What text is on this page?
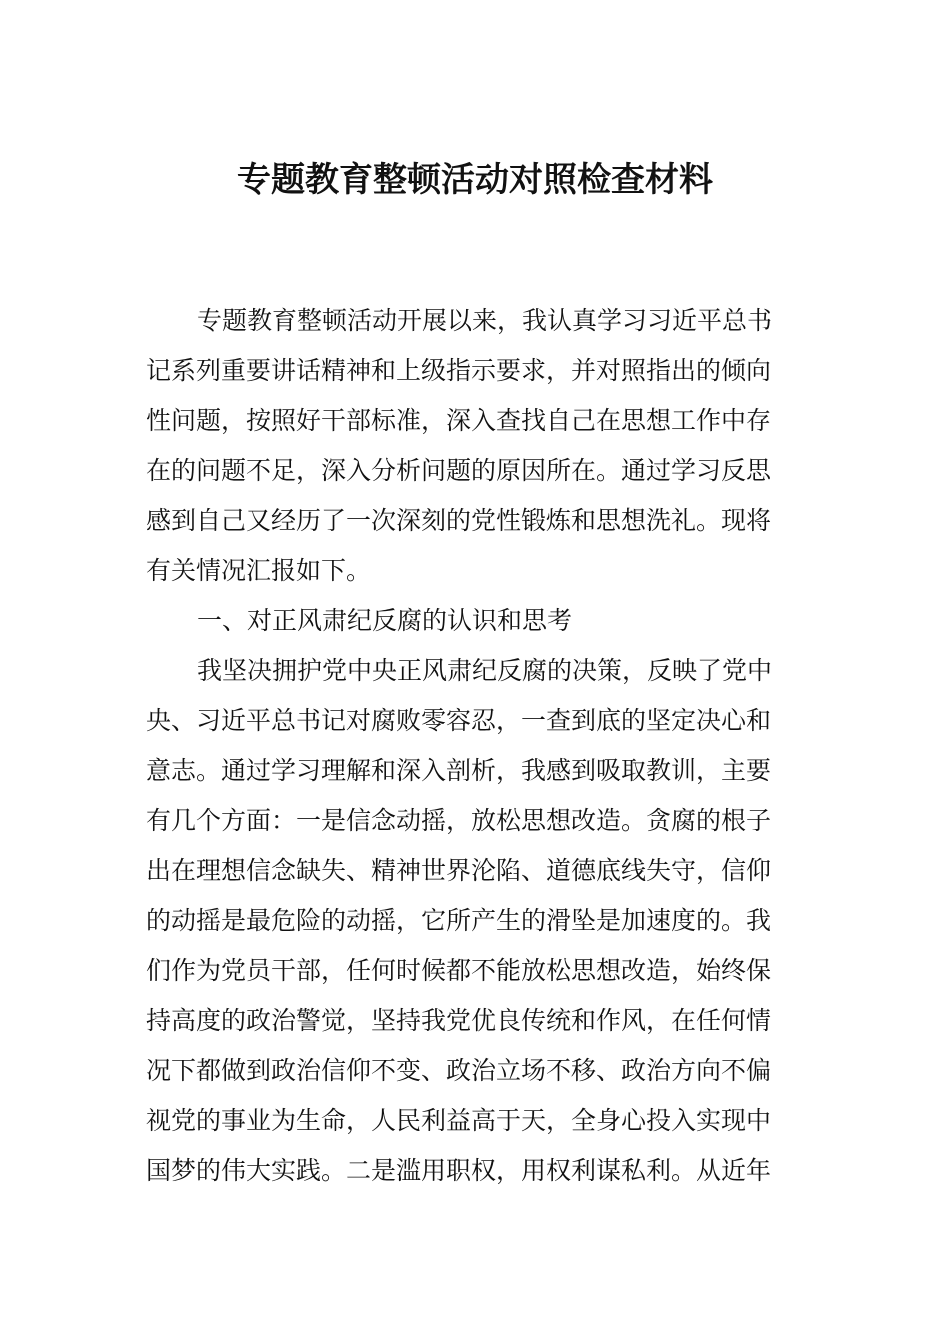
专题教育整顿活动对照检查材料
专题教育整顿活动开展以来，我认真学习习近平总书
记系列重要讲话精神和上级指示要求，并对照指出的倾向
性问题，按照好干部标准，深入查找自己在思想工作中存
在的问题不足，深入分析问题的原因所在。通过学习反思
感到自己又经历了一次深刻的党性锻炼和思想洗礼。现将
有关情况汇报如下。
一、对正风肃纪反腐的认识和思考
我坚决拥护党中央正风肃纪反腐的决策，反映了党中
央、习近平总书记对腐败零容忍，一查到底的坚定决心和
意志。通过学习理解和深入剖析，我感到吸取教训，主要
有几个方面：一是信念动摇，放松思想改造。贪腐的根子
出在理想信念缺失、精神世界沦陷、道德底线失守，信仰
的动摇是最危险的动摇，它所产生的滑坠是加速度的。我
们作为党员干部，任何时候都不能放松思想改造，始终保
持高度的政治警觉，坚持我党优良传统和作风，在任何情
况下都做到政治信仰不变、政治立场不移、政治方向不偏
视党的事业为生命，人民利益高于天，全身心投入实现中
国梦的伟大实践。二是滥用职权，用权利谋私利。从近年
